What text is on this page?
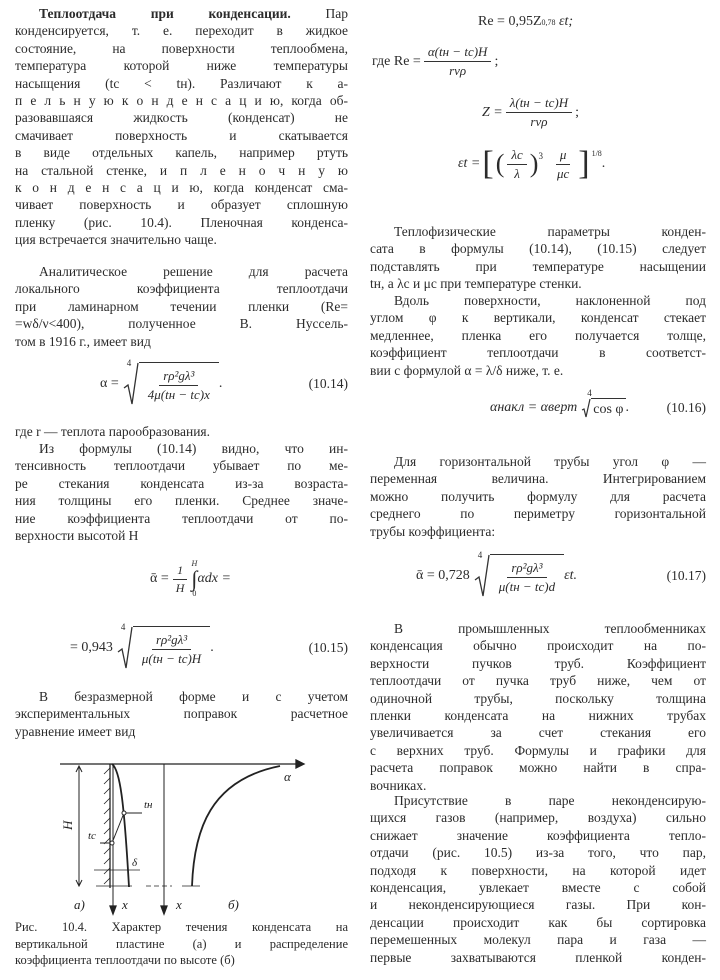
Теплоотдача при конденсации.	Пар
конденсируется, т. е. переходит в жидкое
состояние, на поверхности теплообмена,
температура которой ниже температуры
насыщения (tс < tн). Различают к а-
п е л ь н у ю к о н д е н с а ц и ю, когда об-
разовавшаяся жидкость (конденсат) не
смачивает поверхность и скатывается
в виде отдельных капель, например ртуть
на стальной стенке, и п л е н о ч н у ю
к о н д е н с а ц и ю, когда конденсат сма-
чивает поверхность и образует сплошную
пленку (рис. 10.4). Пленочная конденса-
ция встречается значительно чаще.
Аналитическое решение для расчета
локального коэффициента теплоотдачи
при ламинарном течении пленки (Re=
=wδ/ν<400), полученное В. Нуссель-
том в 1916 г., имеет вид
α =
4
$\frac{\text{rρ²gλ³}}{4\mu(tн - tс)x}$ .	(10.14)
где r — теплота парообразования.
Из формулы (10.14) видно, что ин-
тенсивность теплоотдачи убывает по ме-
ре стекания конденсата из-за возраста-
ния толщины его пленки. Среднее значе-
ние коэффициента теплоотдачи от по-
верхности высотой H
ᾱ = $\frac{1}{H}$ H
∫
0
αdx =
= 0,943
4
$\frac{\text{rρ²gλ³}}{\mu(tн - tс)H}$ .	(10.15)
В безразмерной форме и с учетом
экспериментальных поправок расчетное
уравнение имеет вид
α
tн
tс
δ
H
x	x
а)	б)
Рис. 10.4. Характер течения конденсата на
вертикальной пластине (а) и распределение
коэффициента теплоотдачи по высоте (б)
Re = 0,95Z 0,78
εt;
где $Re = \frac{\alpha(tн - tс)H}{\text{rνρ}}$ ;
$Z = \frac{\lambda(tн - tс)H}{\text{rνρ}}$ ;
εt = [ ( $\frac{\lambda с}{\lambda} )^3 \frac{\mu}{\mu с}$ ] $^{1/8}$
.
Теплофизические параметры конден-
сата в формулы (10.14), (10.15) следует
подставлять при температуре насыщении
tн, а λс и μс при температуре стенки.
Вдоль поверхности, наклоненной под
углом φ к вертикали, конденсат стекает
медленнее, пленка его получается толще,
коэффициент теплоотдачи в соответст-
вии с формулой α = λ/δ ниже, т. е.
αнакл = αверт
4
cos φ .	(10.16)
Для горизонтальной трубы угол φ —
переменная величина. Интегрированием
можно получить формулу для расчета
среднего по периметру горизонтальной
трубы коэффициента:
ᾱ = 0,728
4
$\frac{\text{rρ²gλ³}}{\mu(tн - tс)d} \varepsilon t$.	(10.17)
В промышленных теплообменниках
конденсация обычно происходит на по-
верхности пучков труб. Коэффициент
теплоотдачи от пучка труб ниже, чем от
одиночной трубы, поскольку толщина
пленки конденсата на нижних трубах
увеличивается за счет стекания его
с верхних труб. Формулы и графики для
расчета поправок можно найти в спра-
вочниках.
Присутствие в паре неконденсирую-
щихся газов (например, воздуха) сильно
снижает значение коэффициента тепло-
отдачи (рис. 10.5) из-за того, что пар,
подходя к поверхности, на которой идет
конденсация, увлекает вместе с собой
и неконденсирующиеся газы. При кон-
денсации происходит как бы сортировка
перемешенных молекул пара и газа —
первые захватываются пленкой конден-
